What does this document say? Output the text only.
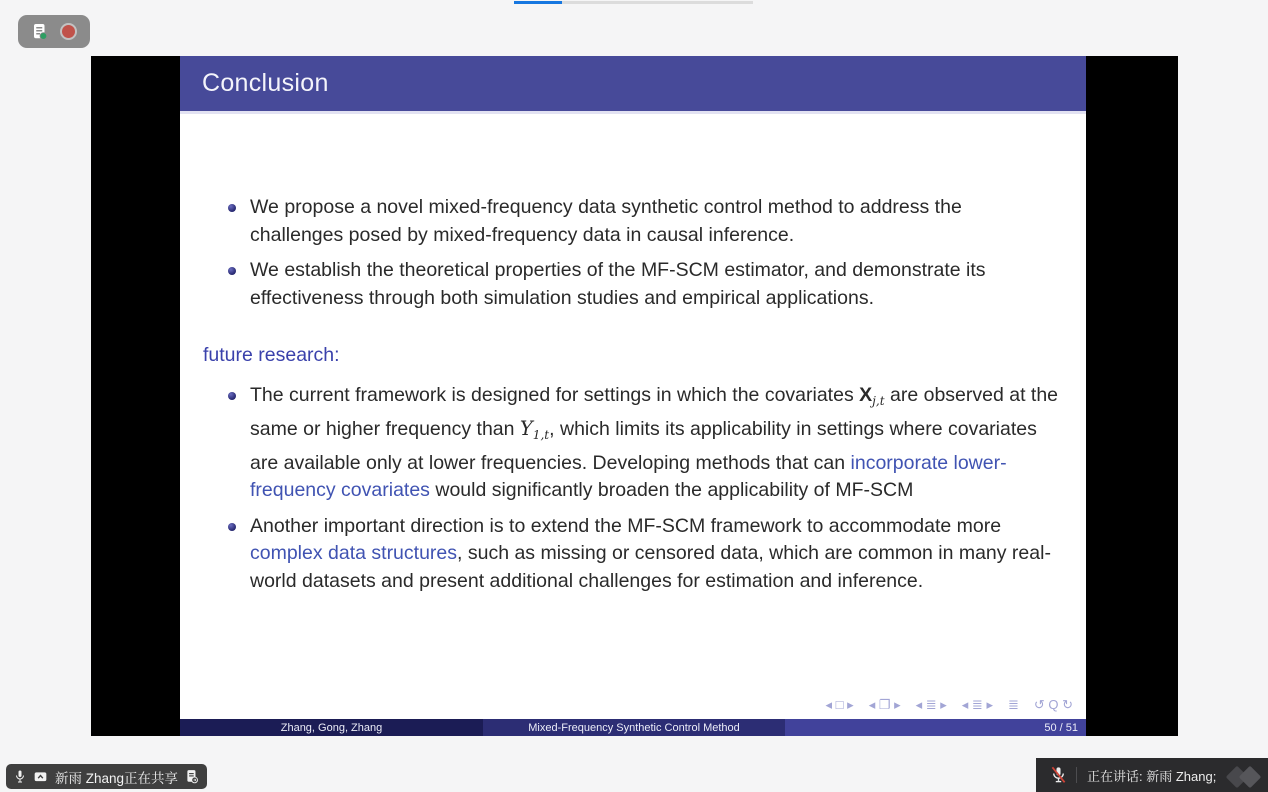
Conclusion
We propose a novel mixed-frequency data synthetic control method to address the challenges posed by mixed-frequency data in causal inference.
We establish the theoretical properties of the MF-SCM estimator, and demonstrate its effectiveness through both simulation studies and empirical applications.
future research:
The current framework is designed for settings in which the covariates $X_{j,t}$ are observed at the same or higher frequency than $Y_{1,t}$, which limits its applicability in settings where covariates are available only at lower frequencies. Developing methods that can incorporate lower-frequency covariates would significantly broaden the applicability of MF-SCM
Another important direction is to extend the MF-SCM framework to accommodate more complex data structures, such as missing or censored data, which are common in many real-world datasets and present additional challenges for estimation and inference.
◂ □ ▸ ◂ ❐ ▸ ◂ ≣ ▸ ◂ ≣ ▸ ≣ ↺ Q ↻
Zhang, Gong, Zhang	Mixed-Frequency Synthetic Control Method	50 / 51
新雨 Zhang正在共享	正在讲话: 新雨 Zhang;
